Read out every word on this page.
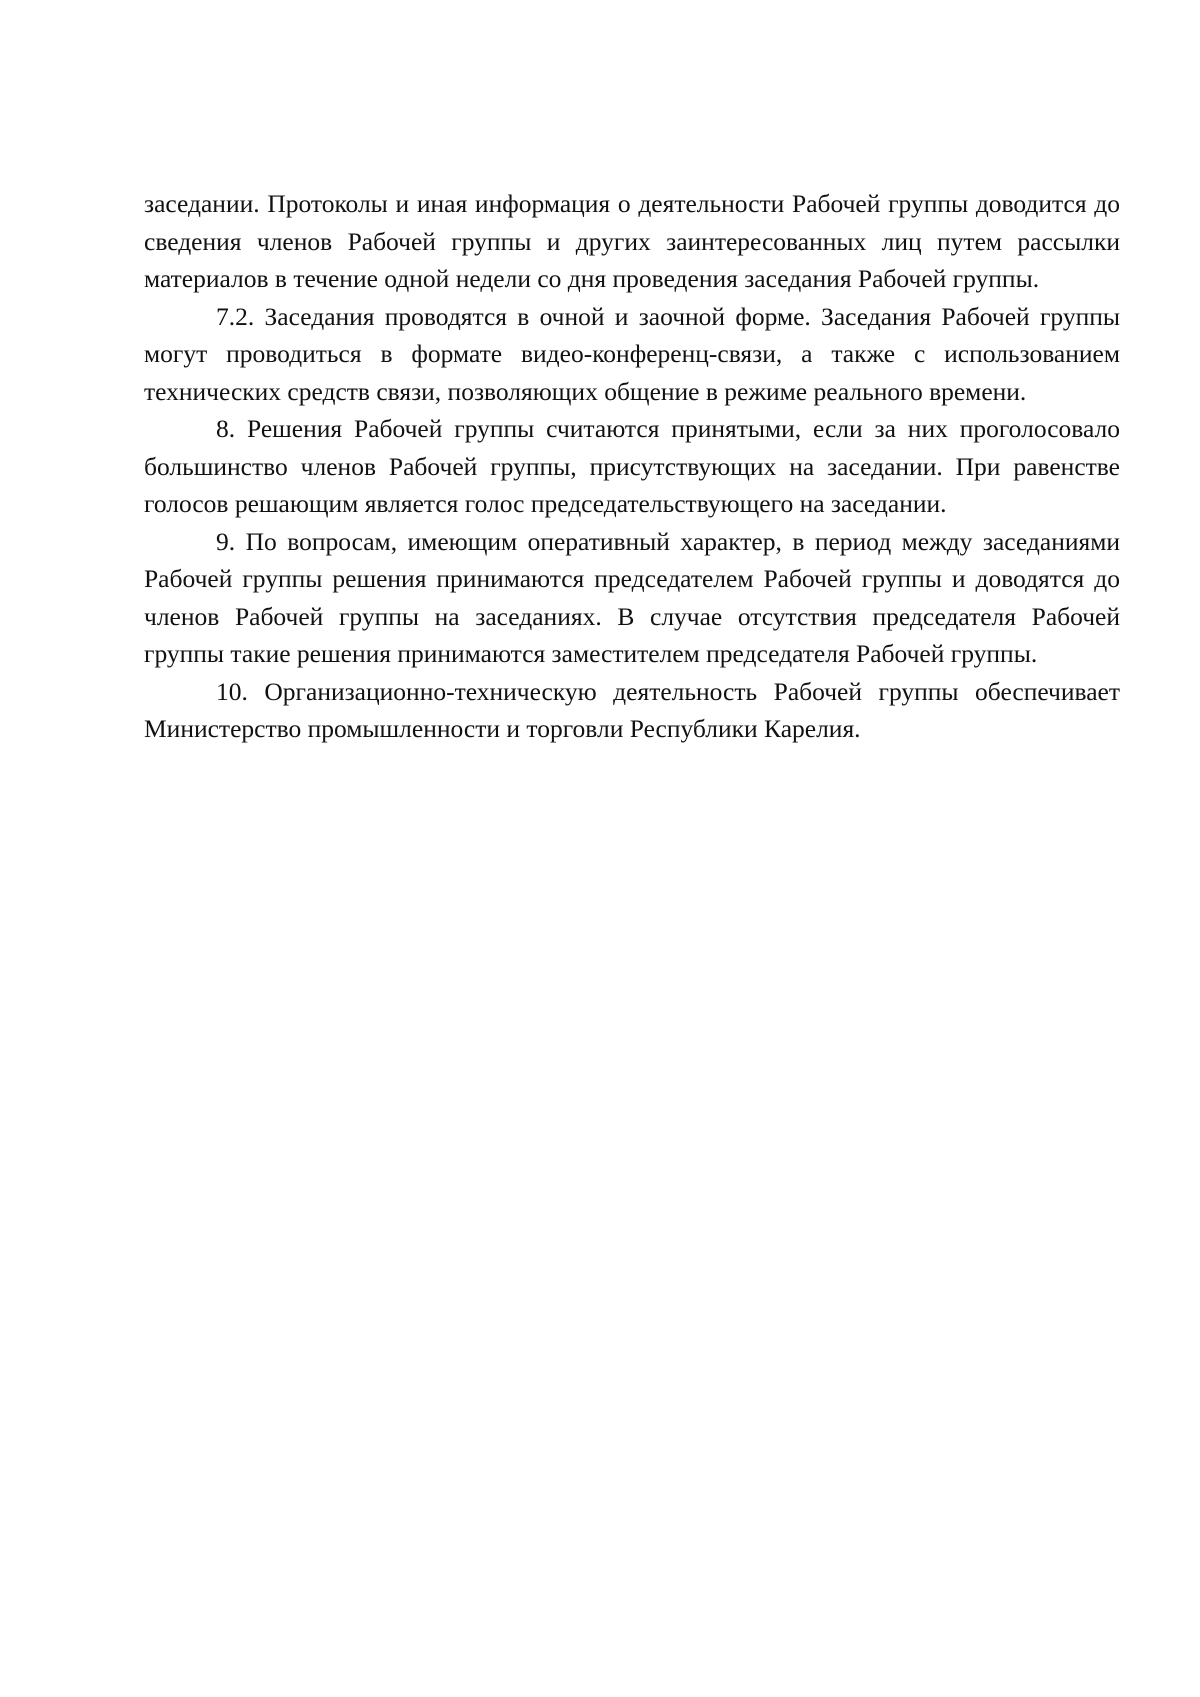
заседании. Протоколы и иная информация о деятельности Рабочей группы доводится до сведения членов Рабочей группы и других заинтересованных лиц путем рассылки материалов в течение одной недели со дня проведения заседания Рабочей группы.

7.2. Заседания проводятся в очной и заочной форме. Заседания Рабочей группы могут проводиться в формате видео-конференц-связи, а также с использованием технических средств связи, позволяющих общение в режиме реального времени.

8. Решения Рабочей группы считаются принятыми, если за них проголосовало большинство членов Рабочей группы, присутствующих на заседании. При равенстве голосов решающим является голос председательствующего на заседании.

9. По вопросам, имеющим оперативный характер, в период между заседаниями Рабочей группы решения принимаются председателем Рабочей группы и доводятся до членов Рабочей группы на заседаниях. В случае отсутствия председателя Рабочей группы такие решения принимаются заместителем председателя Рабочей группы.

10. Организационно-техническую деятельность Рабочей группы обеспечивает Министерство промышленности и торговли Республики Карелия.
